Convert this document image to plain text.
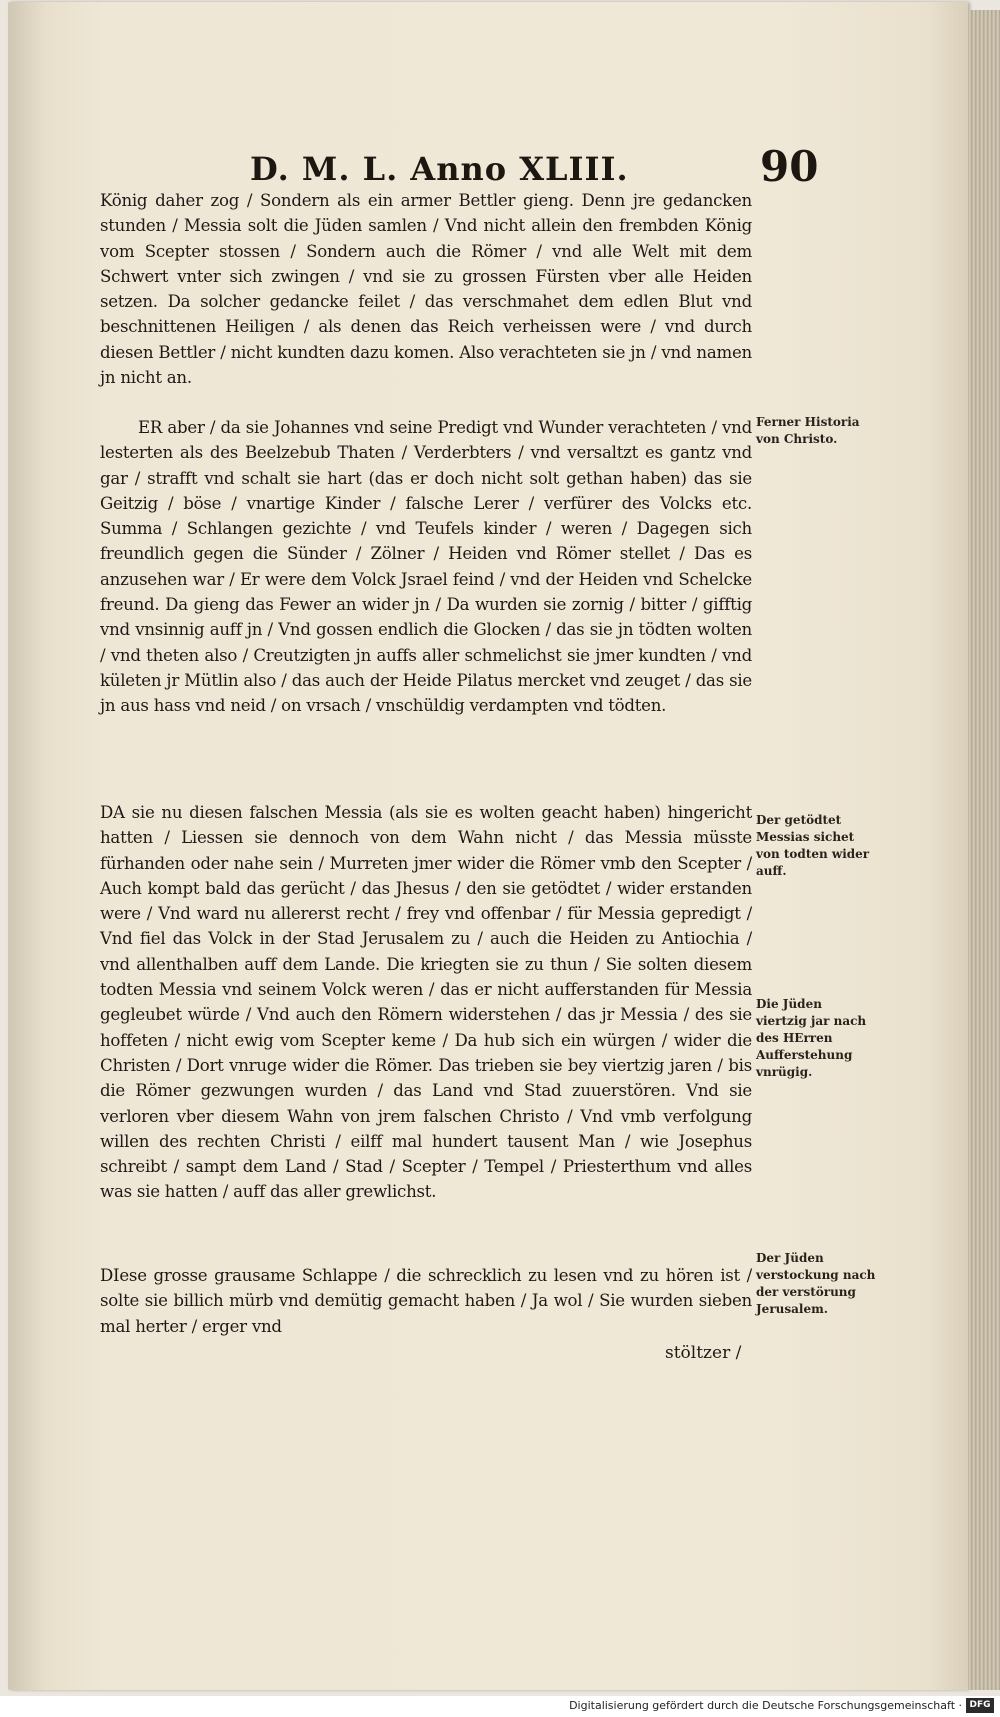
D. M. L. Anno XLIII.	90

König daher zog / Sondern als ein armer Bettler gieng. Denn jre gedancken stunden / Messia solt die Jüden samlen / Vnd nicht allein den frembden König vom Scepter stossen / Sondern auch die Römer / vnd alle Welt mit dem Schwert vnter sich zwingen / vnd sie zu grossen Fürsten vber alle Heiden setzen. Da solcher gedancke feilet / das verschmahet dem edlen Blut vnd beschnittenen Heiligen / als denen das Reich verheissen were / vnd durch diesen Bettler / nicht kundten dazu komen. Also verachteten sie jn / vnd namen jn nicht an.

ER aber / da sie Johannes vnd seine Predigt vnd Wunder verachteten / vnd lesterten als des Beelzebub Thaten / Verderbters / vnd versaltzt es gantz vnd gar / strafft vnd schalt sie hart (das er doch nicht solt gethan haben) das sie Geitzig / böse / vnartige Kinder / falsche Lerer / verfürer des Volcks etc. Summa / Schlangen gezichte / vnd Teufels kinder / weren / Dagegen sich freundlich gegen die Sünder / Zölner / Heiden vnd Römer stellet / Das es anzusehen war / Er were dem Volck Jsrael feind / vnd der Heiden vnd Schelcke freund. Da gieng das Fewer an wider jn / Da wurden sie zornig / bitter / gifftig vnd vnsinnig auff jn / Vnd gossen endlich die Glocken / das sie jn tödten wolten / vnd theten also / Creutzigten jn auffs aller schmelichst sie jmer kundten / vnd kületen jr Mütlin also / das auch der Heide Pilatus mercket vnd zeuget / das sie jn aus hass vnd neid / on vrsach / vnschüldig verdampten vnd tödten.

DA sie nu diesen falschen Messia (als sie es wolten geacht haben) hingericht hatten / Liessen sie dennoch von dem Wahn nicht / das Messia müsste fürhanden oder nahe sein / Murreten jmer wider die Römer vmb den Scepter / Auch kompt bald das gerücht / das Jhesus / den sie getödtet / wider erstanden were / Vnd ward nu allererst recht / frey vnd offenbar / für Messia gepredigt / Vnd fiel das Volck in der Stad Jerusalem zu / auch die Heiden zu Antiochia / vnd allenthalben auff dem Lande. Die kriegten sie zu thun / Sie solten diesem todten Messia vnd seinem Volck weren / das er nicht aufferstanden für Messia gegleubet würde / Vnd auch den Römern widerstehen / das jr Messia / des sie hoffeten / nicht ewig vom Scepter keme / Da hub sich ein würgen / wider die Christen / Dort vnruge wider die Römer. Das trieben sie bey viertzig jaren / bis die Römer gezwungen wurden / das Land vnd Stad zuuerstören. Vnd sie verloren vber diesem Wahn von jrem falschen Christo / Vnd vmb verfolgung willen des rechten Christi / eilff mal hundert tausent Man / wie Josephus schreibt / sampt dem Land / Stad / Scepter / Tempel / Priesterthum vnd alles was sie hatten / auff das aller grewlichst.

DIese grosse grausame Schlappe / die schrecklich zu lesen vnd zu hören ist / solte sie billich mürb vnd demütig gemacht haben / Ja wol / Sie wurden sieben mal herter / erger vnd

stöltzer /
Ferner Historia von Christo.
Der getödtet Messias sichet von todten wider auff.
Die Jüden viertzig jar nach des HErren Aufferstehung vnrügig.
Der Jüden verstockung nach der verstörung Jerusalem.
Digitalisierung gefördert durch die Deutsche Forschungsgemeinschaft · DFG
